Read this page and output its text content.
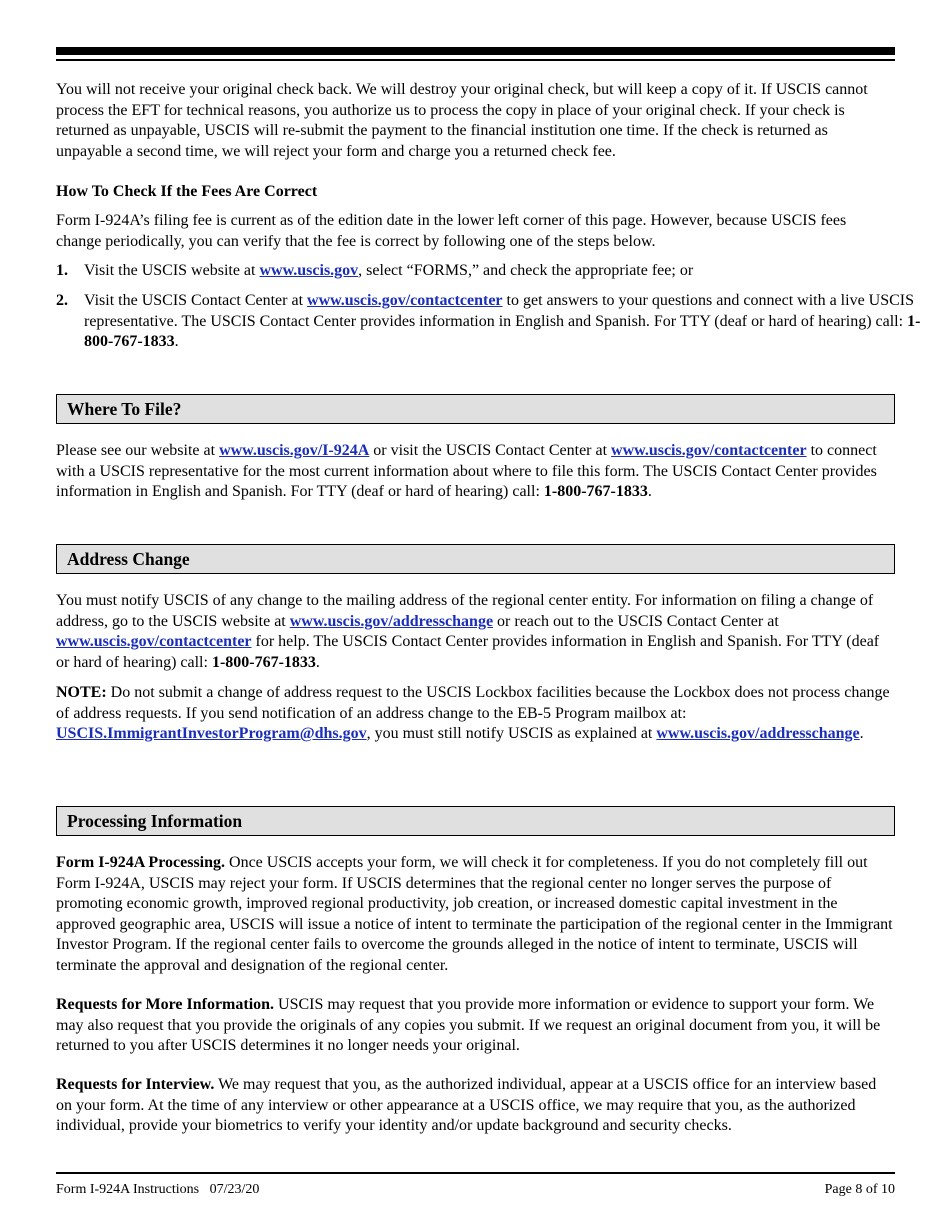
You will not receive your original check back. We will destroy your original check, but will keep a copy of it. If USCIS cannot process the EFT for technical reasons, you authorize us to process the copy in place of your original check. If your check is returned as unpayable, USCIS will re-submit the payment to the financial institution one time. If the check is returned as unpayable a second time, we will reject your form and charge you a returned check fee.

How To Check If the Fees Are Correct

Form I-924A’s filing fee is current as of the edition date in the lower left corner of this page. However, because USCIS fees change periodically, you can verify that the fee is correct by following one of the steps below.

1. Visit the USCIS website at www.uscis.gov, select “FORMS,” and check the appropriate fee; or
2. Visit the USCIS Contact Center at www.uscis.gov/contactcenter to get answers to your questions and connect with a live USCIS representative. The USCIS Contact Center provides information in English and Spanish. For TTY (deaf or hard of hearing) call: 1-800-767-1833.
Where To File?

Please see our website at www.uscis.gov/I-924A or visit the USCIS Contact Center at www.uscis.gov/contactcenter to connect with a USCIS representative for the most current information about where to file this form. The USCIS Contact Center provides information in English and Spanish. For TTY (deaf or hard of hearing) call: 1-800-767-1833.

Address Change

You must notify USCIS of any change to the mailing address of the regional center entity. For information on filing a change of address, go to the USCIS website at www.uscis.gov/addresschange or reach out to the USCIS Contact Center at www.uscis.gov/contactcenter for help. The USCIS Contact Center provides information in English and Spanish. For TTY (deaf or hard of hearing) call: 1-800-767-1833.

NOTE: Do not submit a change of address request to the USCIS Lockbox facilities because the Lockbox does not process change of address requests. If you send notification of an address change to the EB-5 Program mailbox at: USCIS.ImmigrantInvestorProgram@dhs.gov, you must still notify USCIS as explained at www.uscis.gov/addresschange.

Processing Information

Form I-924A Processing. Once USCIS accepts your form, we will check it for completeness. If you do not completely fill out Form I-924A, USCIS may reject your form. If USCIS determines that the regional center no longer serves the purpose of promoting economic growth, improved regional productivity, job creation, or increased domestic capital investment in the approved geographic area, USCIS will issue a notice of intent to terminate the participation of the regional center in the Immigrant Investor Program. If the regional center fails to overcome the grounds alleged in the notice of intent to terminate, USCIS will terminate the approval and designation of the regional center.

Requests for More Information. USCIS may request that you provide more information or evidence to support your form. We may also request that you provide the originals of any copies you submit. If we request an original document from you, it will be returned to you after USCIS determines it no longer needs your original.

Requests for Interview. We may request that you, as the authorized individual, appear at a USCIS office for an interview based on your form. At the time of any interview or other appearance at a USCIS office, we may require that you, as the authorized individual, provide your biometrics to verify your identity and/or update background and security checks.

Form I-924A Instructions   07/23/20	Page 8 of 10
